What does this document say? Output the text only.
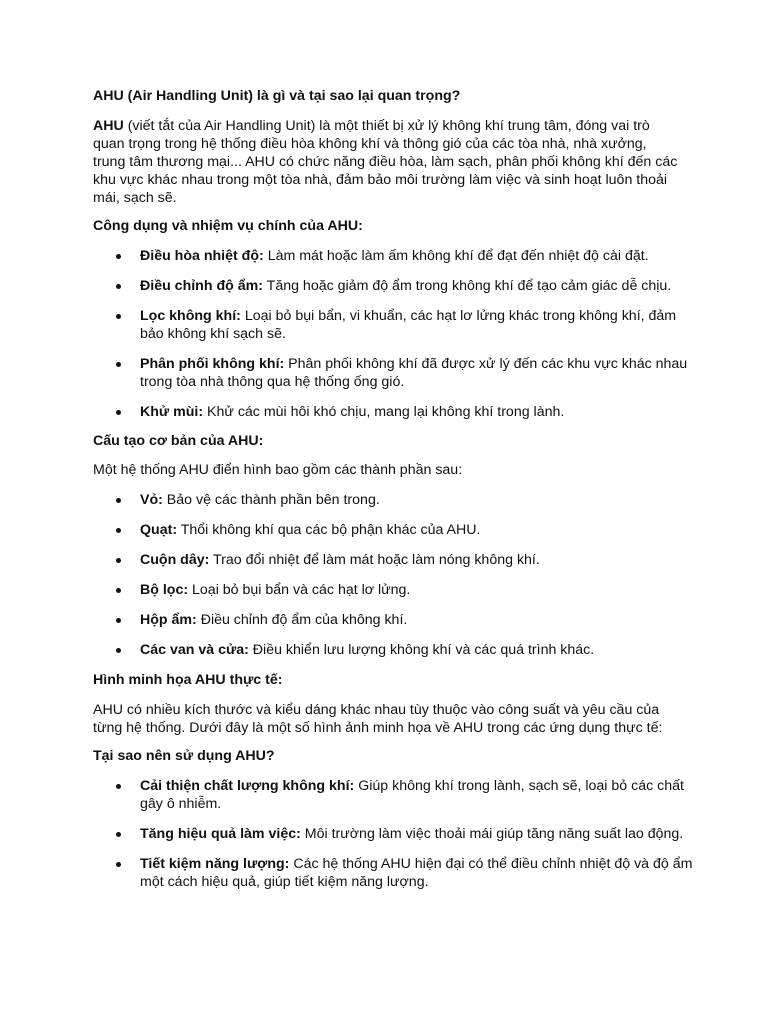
AHU (Air Handling Unit) là gì và tại sao lại quan trọng?

AHU (viết tắt của Air Handling Unit) là một thiết bị xử lý không khí trung tâm, đóng vai trò quan trọng trong hệ thống điều hòa không khí và thông gió của các tòa nhà, nhà xưởng, trung tâm thương mại... AHU có chức năng điều hòa, làm sạch, phân phối không khí đến các khu vực khác nhau trong một tòa nhà, đảm bảo môi trường làm việc và sinh hoạt luôn thoải mái, sạch sẽ.

Công dụng và nhiệm vụ chính của AHU:

Điều hòa nhiệt độ: Làm mát hoặc làm ấm không khí để đạt đến nhiệt độ cài đặt.
Điều chỉnh độ ẩm: Tăng hoặc giảm độ ẩm trong không khí để tạo cảm giác dễ chịu.
Lọc không khí: Loại bỏ bụi bẩn, vi khuẩn, các hạt lơ lửng khác trong không khí, đảm bảo không khí sạch sẽ.
Phân phối không khí: Phân phối không khí đã được xử lý đến các khu vực khác nhau trong tòa nhà thông qua hệ thống ống gió.
Khử mùi: Khử các mùi hôi khó chịu, mang lại không khí trong lành.

Cấu tạo cơ bản của AHU:

Một hệ thống AHU điển hình bao gồm các thành phần sau:

Vỏ: Bảo vệ các thành phần bên trong.
Quạt: Thổi không khí qua các bộ phận khác của AHU.
Cuộn dây: Trao đổi nhiệt để làm mát hoặc làm nóng không khí.
Bộ lọc: Loại bỏ bụi bẩn và các hạt lơ lửng.
Hộp ẩm: Điều chỉnh độ ẩm của không khí.
Các van và cửa: Điều khiển lưu lượng không khí và các quá trình khác.

Hình minh họa AHU thực tế:

AHU có nhiều kích thước và kiểu dáng khác nhau tùy thuộc vào công suất và yêu cầu của từng hệ thống. Dưới đây là một số hình ảnh minh họa về AHU trong các ứng dụng thực tế:

Tại sao nên sử dụng AHU?

Cải thiện chất lượng không khí: Giúp không khí trong lành, sạch sẽ, loại bỏ các chất gây ô nhiễm.
Tăng hiệu quả làm việc: Môi trường làm việc thoải mái giúp tăng năng suất lao động.
Tiết kiệm năng lượng: Các hệ thống AHU hiện đại có thể điều chỉnh nhiệt độ và độ ẩm một cách hiệu quả, giúp tiết kiệm năng lượng.
